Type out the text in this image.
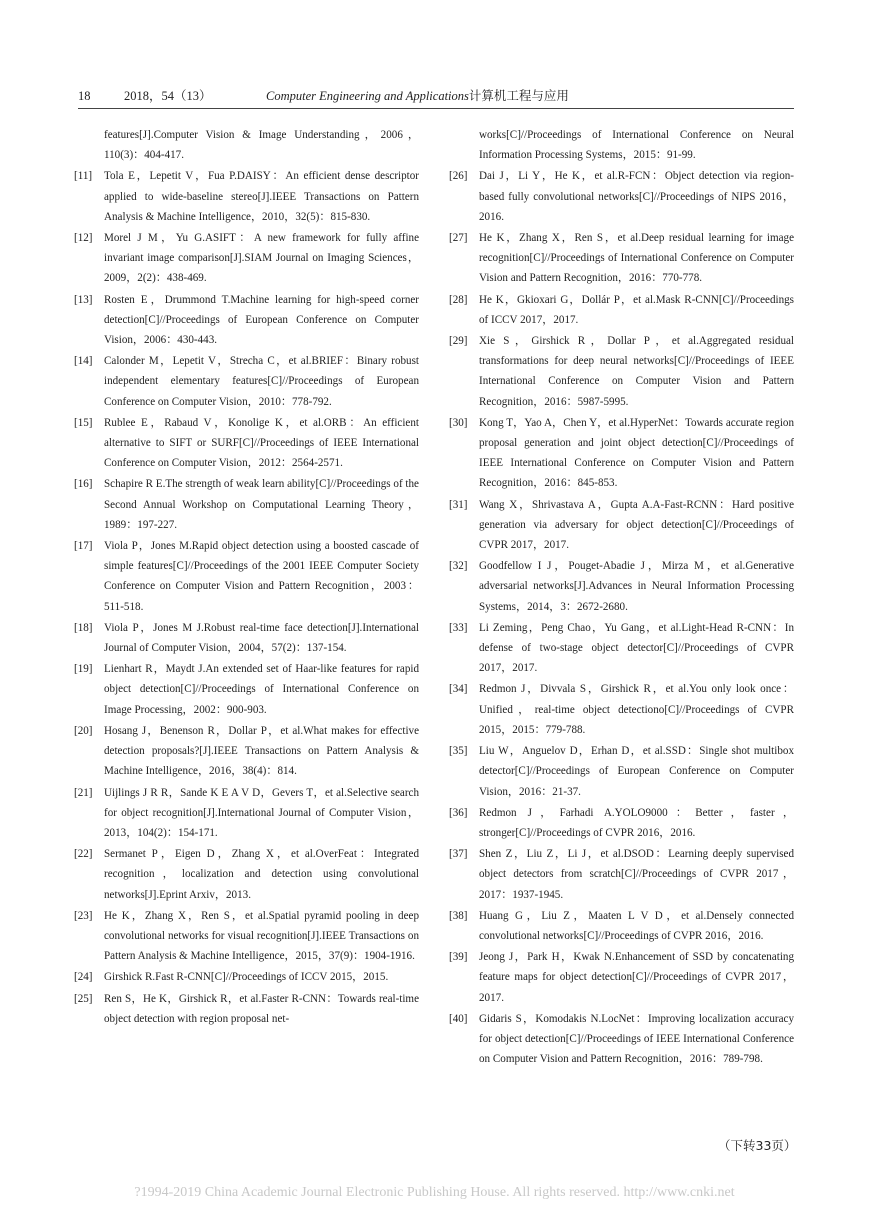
18	2018，54（13）	Computer Engineering and Applications计算机工程与应用
features[J].Computer Vision & Image Understanding，2006，110(3)：404-417.
[11] Tola E，Lepetit V，Fua P.DAISY：An efficient dense descriptor applied to wide-baseline stereo[J].IEEE Transactions on Pattern Analysis & Machine Intelligence，2010，32(5)：815-830.
[12] Morel J M，Yu G.ASIFT：A new framework for fully affine invariant image comparison[J].SIAM Journal on Imaging Sciences，2009，2(2)：438-469.
[13] Rosten E，Drummond T.Machine learning for high-speed corner detection[C]//Proceedings of European Conference on Computer Vision，2006：430-443.
[14] Calonder M，Lepetit V，Strecha C，et al.BRIEF：Binary robust independent elementary features[C]//Proceedings of European Conference on Computer Vision，2010：778-792.
[15] Rublee E，Rabaud V，Konolige K，et al.ORB：An efficient alternative to SIFT or SURF[C]//Proceedings of IEEE International Conference on Computer Vision，2012：2564-2571.
[16] Schapire R E.The strength of weak learn ability[C]//Proceedings of the Second Annual Workshop on Computational Learning Theory，1989：197-227.
[17] Viola P，Jones M.Rapid object detection using a boosted cascade of simple features[C]//Proceedings of the 2001 IEEE Computer Society Conference on Computer Vision and Pattern Recognition，2003：511-518.
[18] Viola P，Jones M J.Robust real-time face detection[J].International Journal of Computer Vision，2004，57(2)：137-154.
[19] Lienhart R，Maydt J.An extended set of Haar-like features for rapid object detection[C]//Proceedings of International Conference on Image Processing，2002：900-903.
[20] Hosang J，Benenson R，Dollar P，et al.What makes for effective detection proposals?[J].IEEE Transactions on Pattern Analysis & Machine Intelligence，2016，38(4)：814.
[21] Uijlings J R R，Sande K E A V D，Gevers T，et al.Selective search for object recognition[J].International Journal of Computer Vision，2013，104(2)：154-171.
[22] Sermanet P，Eigen D，Zhang X，et al.OverFeat：Integrated recognition，localization and detection using convolutional networks[J].Eprint Arxiv，2013.
[23] He K，Zhang X，Ren S，et al.Spatial pyramid pooling in deep convolutional networks for visual recognition[J].IEEE Transactions on Pattern Analysis & Machine Intelligence，2015，37(9)：1904-1916.
[24] Girshick R.Fast R-CNN[C]//Proceedings of ICCV 2015，2015.
[25] Ren S，He K，Girshick R，et al.Faster R-CNN：Towards real-time object detection with region proposal net-
works[C]//Proceedings of International Conference on Neural Information Processing Systems，2015：91-99.
[26] Dai J，Li Y，He K，et al.R-FCN：Object detection via region-based fully convolutional networks[C]//Proceedings of NIPS 2016，2016.
[27] He K，Zhang X，Ren S，et al.Deep residual learning for image recognition[C]//Proceedings of International Conference on Computer Vision and Pattern Recognition，2016：770-778.
[28] He K，Gkioxari G，Dollár P，et al.Mask R-CNN[C]//Proceedings of ICCV 2017，2017.
[29] Xie S，Girshick R，Dollar P，et al.Aggregated residual transformations for deep neural networks[C]//Proceedings of IEEE International Conference on Computer Vision and Pattern Recognition，2016：5987-5995.
[30] Kong T，Yao A，Chen Y，et al.HyperNet：Towards accurate region proposal generation and joint object detection[C]//Proceedings of IEEE International Conference on Computer Vision and Pattern Recognition，2016：845-853.
[31] Wang X，Shrivastava A，Gupta A.A-Fast-RCNN：Hard positive generation via adversary for object detection[C]//Proceedings of CVPR 2017，2017.
[32] Goodfellow I J，Pouget-Abadie J，Mirza M，et al.Generative adversarial networks[J].Advances in Neural Information Processing Systems，2014，3：2672-2680.
[33] Li Zeming，Peng Chao，Yu Gang，et al.Light-Head R-CNN：In defense of two-stage object detector[C]//Proceedings of CVPR 2017，2017.
[34] Redmon J，Divvala S，Girshick R，et al.You only look once：Unified，real-time object detectiono[C]//Proceedings of CVPR 2015，2015：779-788.
[35] Liu W，Anguelov D，Erhan D，et al.SSD：Single shot multibox detector[C]//Proceedings of European Conference on Computer Vision，2016：21-37.
[36] Redmon J，Farhadi A.YOLO9000：Better，faster，stronger[C]//Proceedings of CVPR 2016，2016.
[37] Shen Z，Liu Z，Li J，et al.DSOD：Learning deeply supervised object detectors from scratch[C]//Proceedings of CVPR 2017，2017：1937-1945.
[38] Huang G，Liu Z，Maaten L V D，et al.Densely connected convolutional networks[C]//Proceedings of CVPR 2016，2016.
[39] Jeong J，Park H，Kwak N.Enhancement of SSD by concatenating feature maps for object detection[C]//Proceedings of CVPR 2017，2017.
[40] Gidaris S，Komodakis N.LocNet：Improving localization accuracy for object detection[C]//Proceedings of IEEE International Conference on Computer Vision and Pattern Recognition，2016：789-798.
（下转33页）
?1994-2019 China Academic Journal Electronic Publishing House. All rights reserved. http://www.cnki.net
